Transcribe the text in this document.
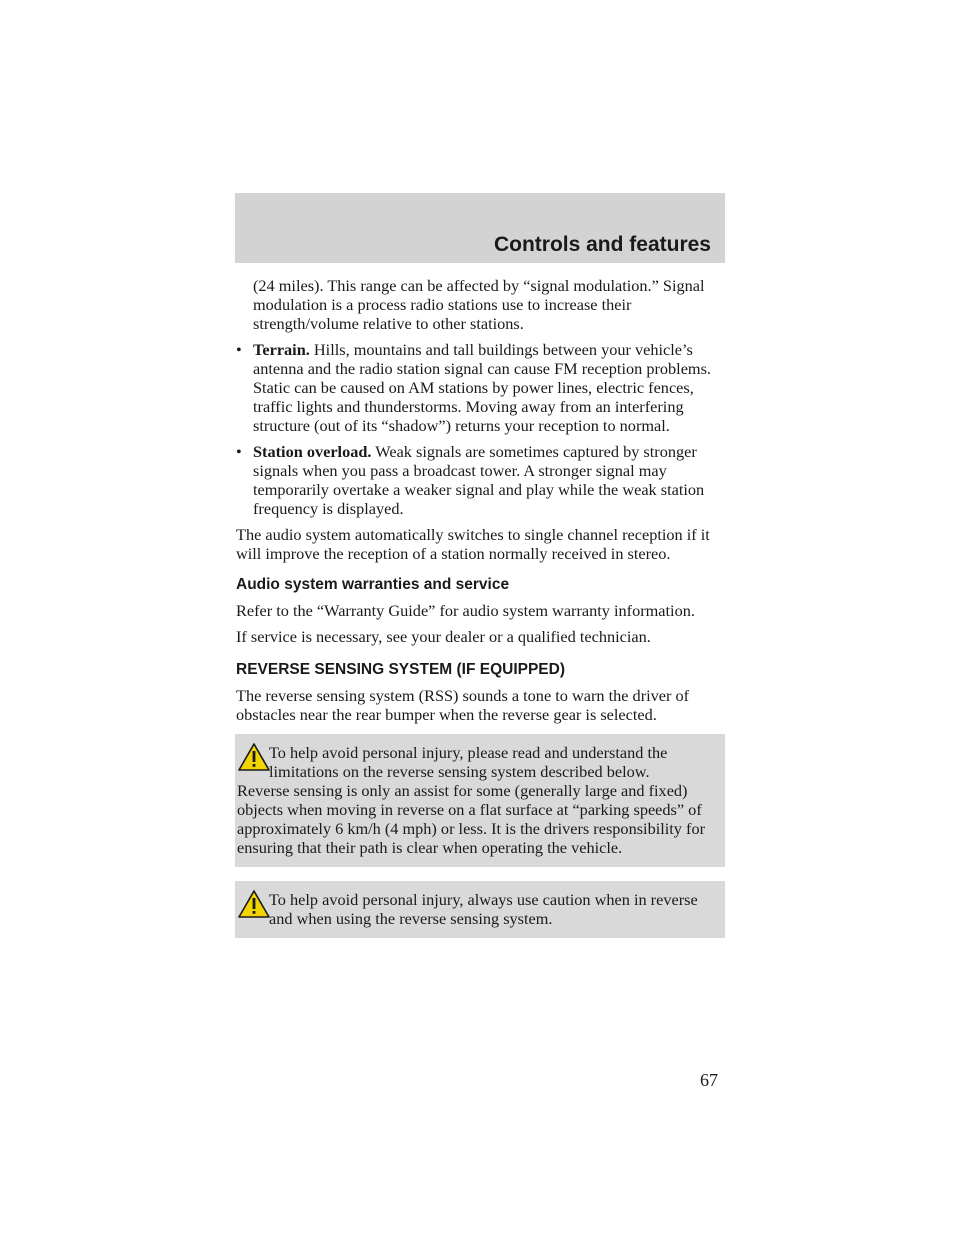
Controls and features

(24 miles). This range can be affected by “signal modulation.” Signal modulation is a process radio stations use to increase their strength/volume relative to other stations.

• Terrain. Hills, mountains and tall buildings between your vehicle’s antenna and the radio station signal can cause FM reception problems. Static can be caused on AM stations by power lines, electric fences, traffic lights and thunderstorms. Moving away from an interfering structure (out of its “shadow”) returns your reception to normal.
• Station overload. Weak signals are sometimes captured by stronger signals when you pass a broadcast tower. A stronger signal may temporarily overtake a weaker signal and play while the weak station frequency is displayed.

The audio system automatically switches to single channel reception if it will improve the reception of a station normally received in stereo.

Audio system warranties and service

Refer to the “Warranty Guide” for audio system warranty information.

If service is necessary, see your dealer or a qualified technician.

REVERSE SENSING SYSTEM (IF EQUIPPED)

The reverse sensing system (RSS) sounds a tone to warn the driver of obstacles near the rear bumper when the reverse gear is selected.

To help avoid personal injury, please read and understand the limitations on the reverse sensing system described below.
Reverse sensing is only an assist for some (generally large and fixed) objects when moving in reverse on a flat surface at “parking speeds” of approximately 6 km/h (4 mph) or less. It is the drivers responsibility for ensuring that their path is clear when operating the vehicle.
To help avoid personal injury, always use caution when in reverse and when using the reverse sensing system.
67
